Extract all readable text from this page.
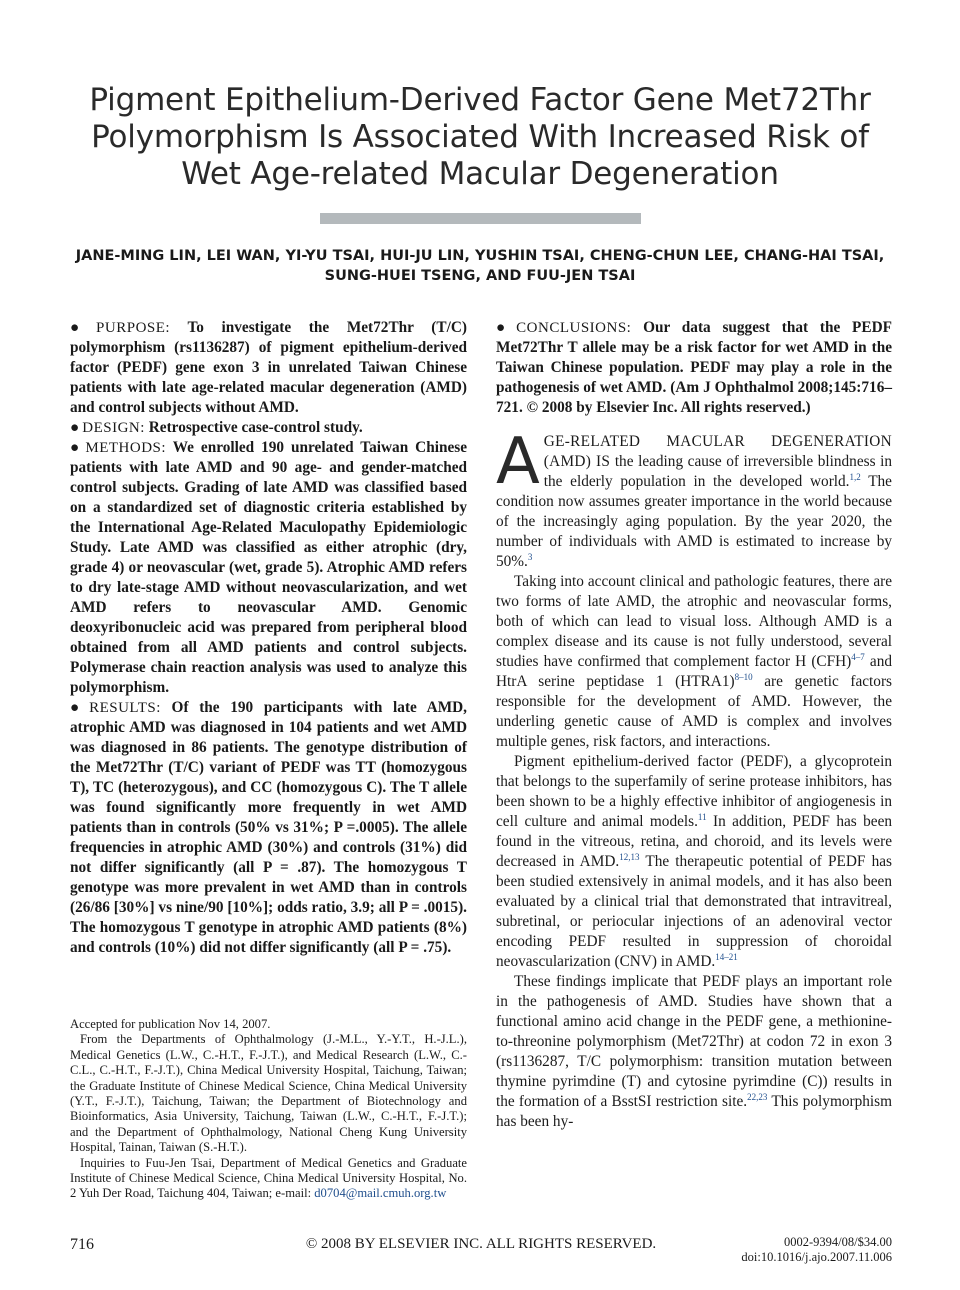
Pigment Epithelium-Derived Factor Gene Met72Thr Polymorphism Is Associated With Increased Risk of Wet Age-related Macular Degeneration
JANE-MING LIN, LEI WAN, YI-YU TSAI, HUI-JU LIN, YUSHIN TSAI, CHENG-CHUN LEE, CHANG-HAI TSAI, SUNG-HUEI TSENG, AND FUU-JEN TSAI

● PURPOSE: To investigate the Met72Thr (T/C) polymorphism (rs1136287) of pigment epithelium-derived factor (PEDF) gene exon 3 in unrelated Taiwan Chinese patients with late age-related macular degeneration (AMD) and control subjects without AMD.

● DESIGN: Retrospective case-control study.

● METHODS: We enrolled 190 unrelated Taiwan Chinese patients with late AMD and 90 age- and gender-matched control subjects. Grading of late AMD was classified based on a standardized set of diagnostic criteria established by the International Age-Related Maculopathy Epidemiologic Study. Late AMD was classified as either atrophic (dry, grade 4) or neovascular (wet, grade 5). Atrophic AMD refers to dry late-stage AMD without neovascularization, and wet AMD refers to neovascular AMD. Genomic deoxyribonucleic acid was prepared from peripheral blood obtained from all AMD patients and control subjects. Polymerase chain reaction analysis was used to analyze this polymorphism.

● RESULTS: Of the 190 participants with late AMD, atrophic AMD was diagnosed in 104 patients and wet AMD was diagnosed in 86 patients. The genotype distribution of the Met72Thr (T/C) variant of PEDF was TT (homozygous T), TC (heterozygous), and CC (homozygous C). The T allele was found significantly more frequently in wet AMD patients than in controls (50% vs 31%; P =.0005). The allele frequencies in atrophic AMD (30%) and controls (31%) did not differ significantly (all P = .87). The homozygous T genotype was more prevalent in wet AMD than in controls (26/86 [30%] vs nine/90 [10%]; odds ratio, 3.9; all P = .0015). The homozygous T genotype in atrophic AMD patients (8%) and controls (10%) did not differ significantly (all P = .75).

Accepted for publication Nov 14, 2007.

From the Departments of Ophthalmology (J.-M.L., Y.-Y.T., H.-J.L.), Medical Genetics (L.W., C.-H.T., F.-J.T.), and Medical Research (L.W., C.-C.L., C.-H.T., F.-J.T.), China Medical University Hospital, Taichung, Taiwan; the Graduate Institute of Chinese Medical Science, China Medical University (Y.T., F.-J.T.), Taichung, Taiwan; the Department of Biotechnology and Bioinformatics, Asia University, Taichung, Taiwan (L.W., C.-H.T., F.-J.T.); and the Department of Ophthalmology, National Cheng Kung University Hospital, Tainan, Taiwan (S.-H.T.).

Inquiries to Fuu-Jen Tsai, Department of Medical Genetics and Graduate Institute of Chinese Medical Science, China Medical University Hospital, No. 2 Yuh Der Road, Taichung 404, Taiwan; e-mail: d0704@mail.cmuh.org.tw

● CONCLUSIONS: Our data suggest that the PEDF Met72Thr T allele may be a risk factor for wet AMD in the Taiwan Chinese population. PEDF may play a role in the pathogenesis of wet AMD. (Am J Ophthalmol 2008;145:716–721. © 2008 by Elsevier Inc. All rights reserved.)

AGE-RELATED MACULAR DEGENERATION (AMD) IS the leading cause of irreversible blindness in the elderly population in the developed world.$^{1,2}$ The condition now assumes greater importance in the world because of the increasingly aging population. By the year 2020, the number of individuals with AMD is estimated to increase by 50%.$^3$

Taking into account clinical and pathologic features, there are two forms of late AMD, the atrophic and neovascular forms, both of which can lead to visual loss. Although AMD is a complex disease and its cause is not fully understood, several studies have confirmed that complement factor H (CFH)$^{4-7}$ and HtrA serine peptidase 1 (HTRA1)$^{8-10}$ are genetic factors responsible for the development of AMD. However, the underling genetic cause of AMD is complex and involves multiple genes, risk factors, and interactions.

Pigment epithelium-derived factor (PEDF), a glycoprotein that belongs to the superfamily of serine protease inhibitors, has been shown to be a highly effective inhibitor of angiogenesis in cell culture and animal models.$^{11}$ In addition, PEDF has been found in the vitreous, retina, and choroid, and its levels were decreased in AMD.$^{12,13}$ The therapeutic potential of PEDF has been studied extensively in animal models, and it has also been evaluated by a clinical trial that demonstrated that intravitreal, subretinal, or periocular injections of an adenoviral vector encoding PEDF resulted in suppression of choroidal neovascularization (CNV) in AMD.$^{14-21}$

These findings implicate that PEDF plays an important role in the pathogenesis of AMD. Studies have shown that a functional amino acid change in the PEDF gene, a methionine-to-threonine polymorphism (Met72Thr) at codon 72 in exon 3 (rs1136287, T/C polymorphism: transition mutation between thymine pyrimdine (T) and cytosine pyrimdine (C)) results in the formation of a BsstSI restriction site.$^{22,23}$ This polymorphism has been hy-

716	© 2008 BY ELSEVIER INC. ALL RIGHTS RESERVED.	0002-9394/08/$34.00
doi:10.1016/j.ajo.2007.11.006
